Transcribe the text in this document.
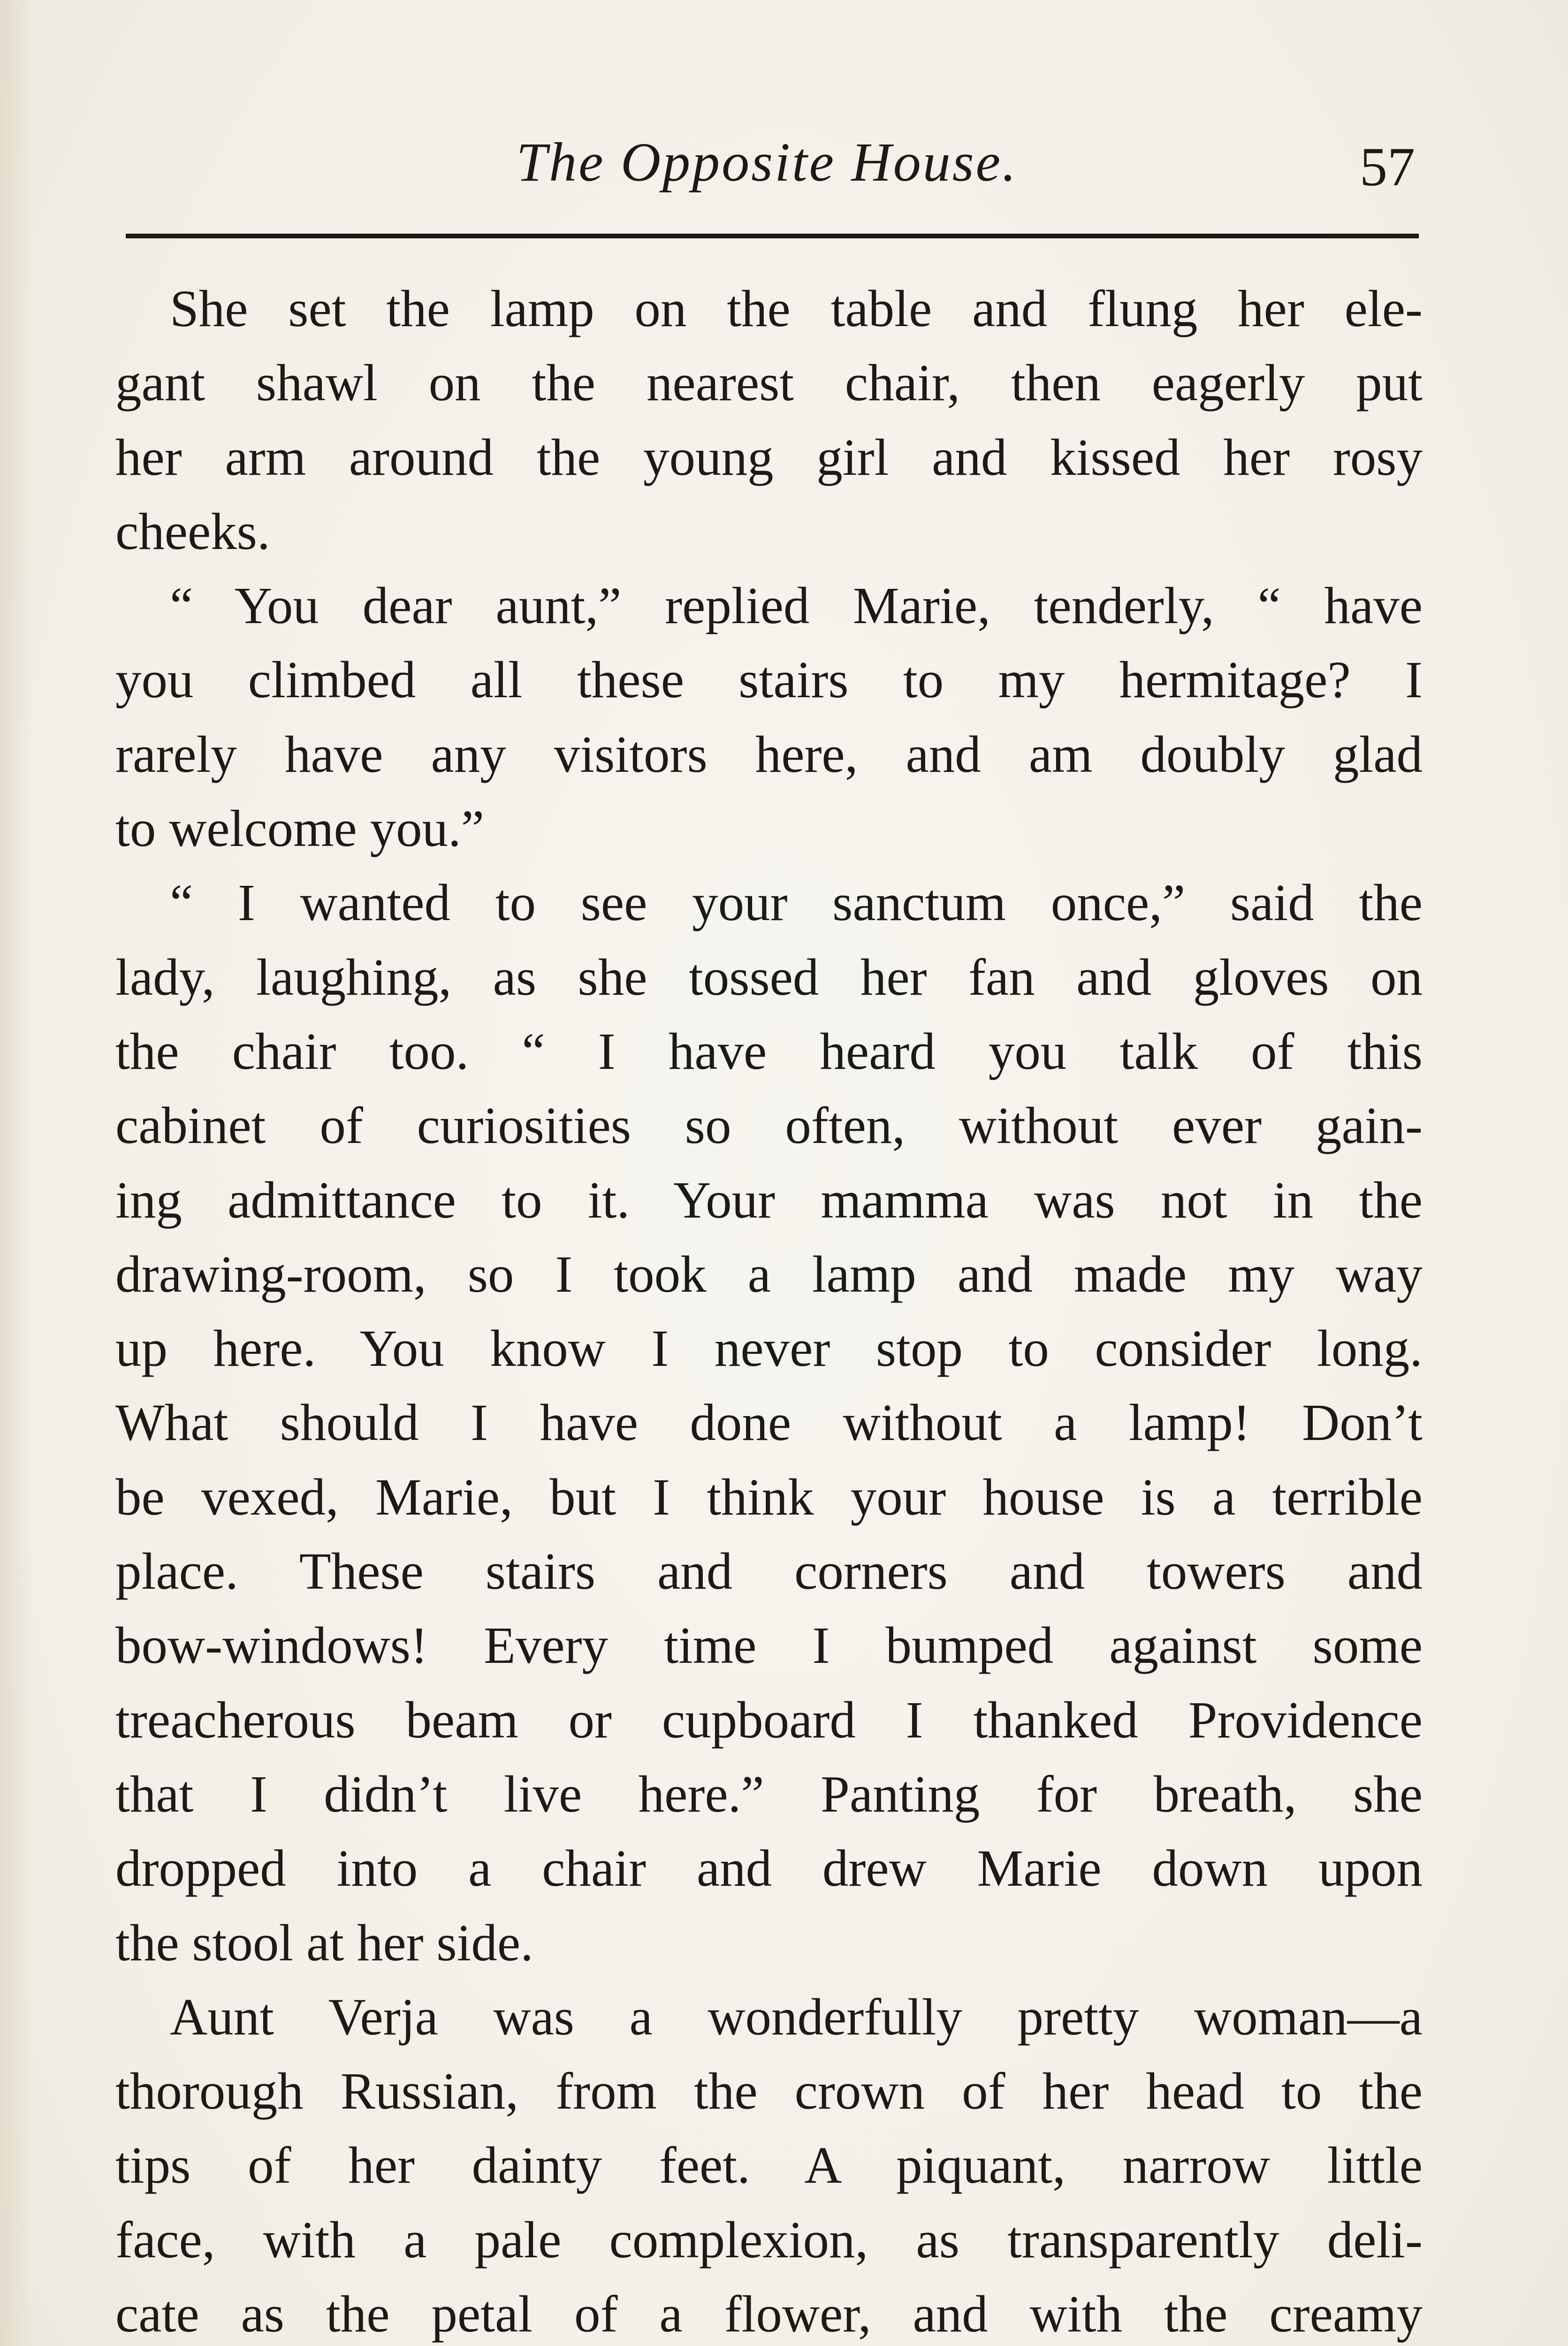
The Opposite House.	57
She set the lamp on the table and flung her ele-
gant shawl on the nearest chair, then eagerly put
her arm around the young girl and kissed her rosy
cheeks.
“ You dear aunt,” replied Marie, tenderly, “ have
you climbed all these stairs to my hermitage? I
rarely have any visitors here, and am doubly glad
to welcome you.”
“ I wanted to see your sanctum once,” said the
lady, laughing, as she tossed her fan and gloves on
the chair too. “ I have heard you talk of this
cabinet of curiosities so often, without ever gain-
ing admittance to it. Your mamma was not in the
drawing-room, so I took a lamp and made my way
up here. You know I never stop to consider long.
What should I have done without a lamp! Don’t
be vexed, Marie, but I think your house is a terrible
place. These stairs and corners and towers and
bow-windows! Every time I bumped against some
treacherous beam or cupboard I thanked Providence
that I didn’t live here.” Panting for breath, she
dropped into a chair and drew Marie down upon
the stool at her side.
Aunt Verja was a wonderfully pretty woman—a
thorough Russian, from the crown of her head to the
tips of her dainty feet. A piquant, narrow little
face, with a pale complexion, as transparently deli-
cate as the petal of a flower, and with the creamy
